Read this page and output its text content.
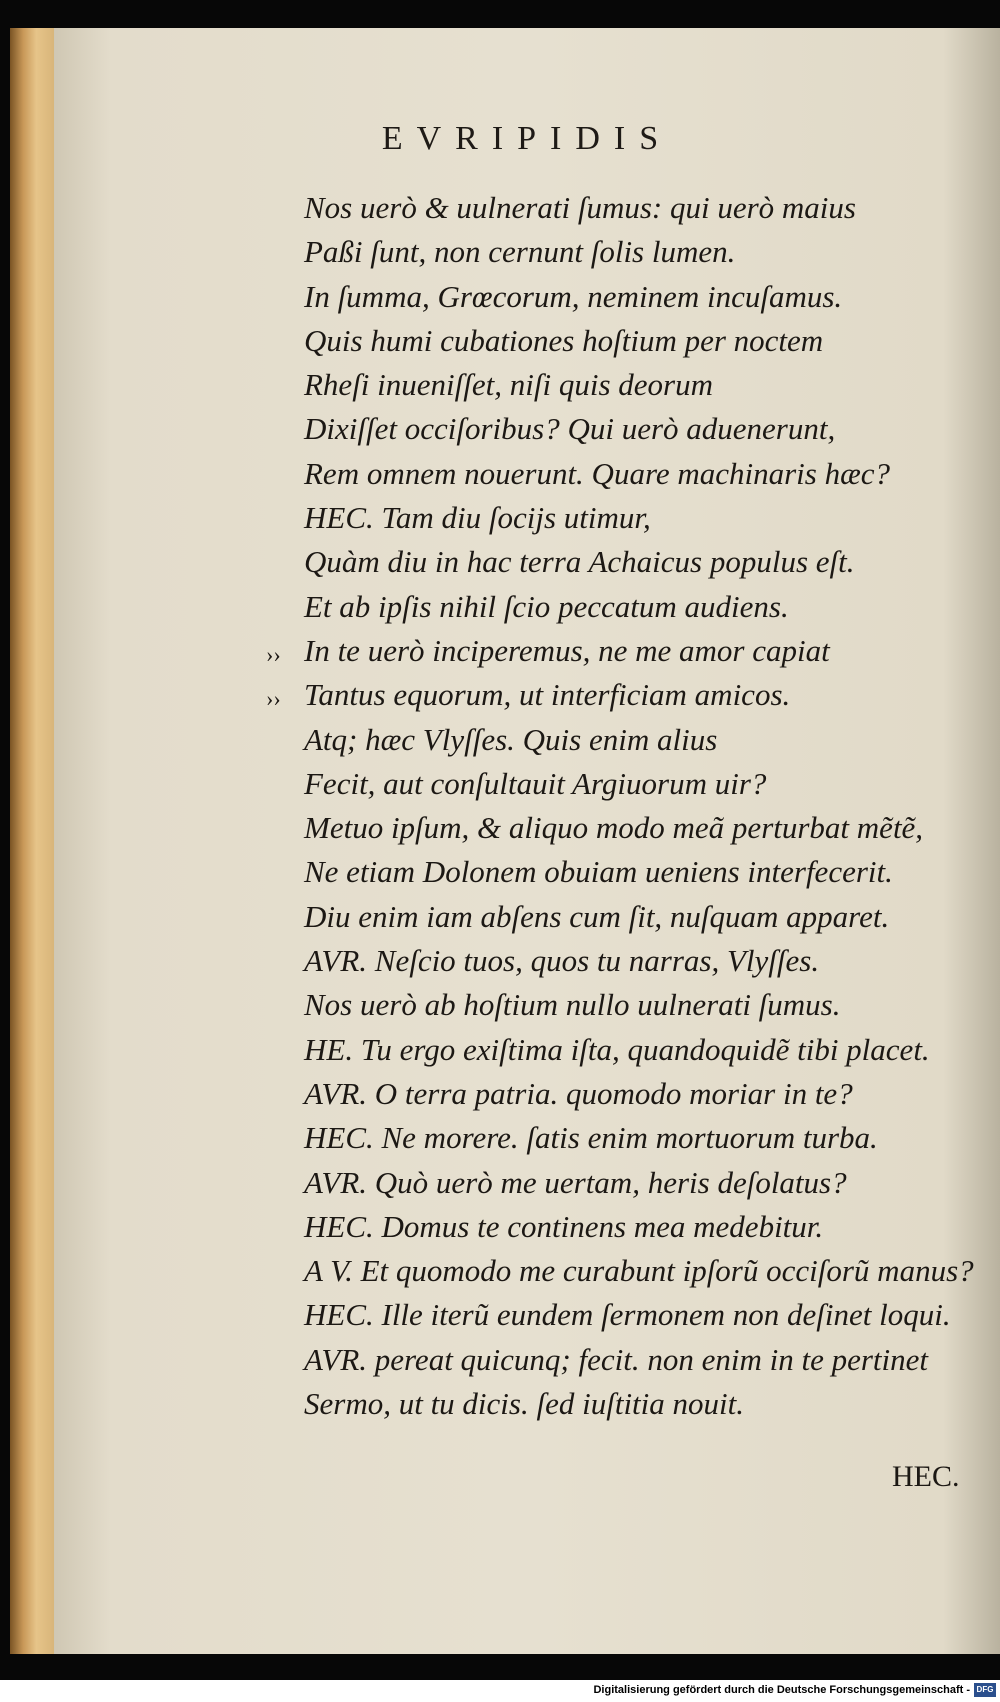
EVRIPIDIS
Nos uerò & uulnerati ſumus: qui uerò maius
Paßi ſunt, non cernunt ſolis lumen.
In ſumma, Grœcorum, neminem incuſamus.
Quis humi cubationes hoſtium per noctem
Rheſi inueniſſet, niſi quis deorum
Dixiſſet occiſoribus? Qui uerò aduenerunt,
Rem omnem nouerunt. Quare machinaris hæc?
HEC. Tam diu ſocijs utimur,
Quàm diu in hac terra Achaicus populus eſt.
Et ab ipſis nihil ſcio peccatum audiens.
›› In te uerò inciperemus, ne me amor capiat
›› Tantus equorum, ut interficiam amicos.
Atq; hæc Vlyſſes. Quis enim alius
Fecit, aut conſultauit Argiuorum uir?
Metuo ipſum, & aliquo modo meã perturbat mẽtẽ,
Ne etiam Dolonem obuiam ueniens interfecerit.
Diu enim iam abſens cum ſit, nuſquam apparet.
AVR. Neſcio tuos, quos tu narras, Vlyſſes.
Nos uerò ab hoſtium nullo uulnerati ſumus.
HE. Tu ergo exiſtima iſta, quandoquidẽ tibi placet.
AVR. O terra patria. quomodo moriar in te?
HEC. Ne morere. ſatis enim mortuorum turba.
AVR. Quò uerò me uertam, heris deſolatus?
HEC. Domus te continens mea medebitur.
A V. Et quomodo me curabunt ipſorũ occiſorũ manus?
HEC. Ille iterũ eundem ſermonem non deſinet loqui.
AVR. pereat quicunq; fecit. non enim in te pertinet
Sermo, ut tu dicis. ſed iuſtitia nouit.
HEC.
Digitalisierung gefördert durch die Deutsche Forschungsgemeinschaft - DFG
